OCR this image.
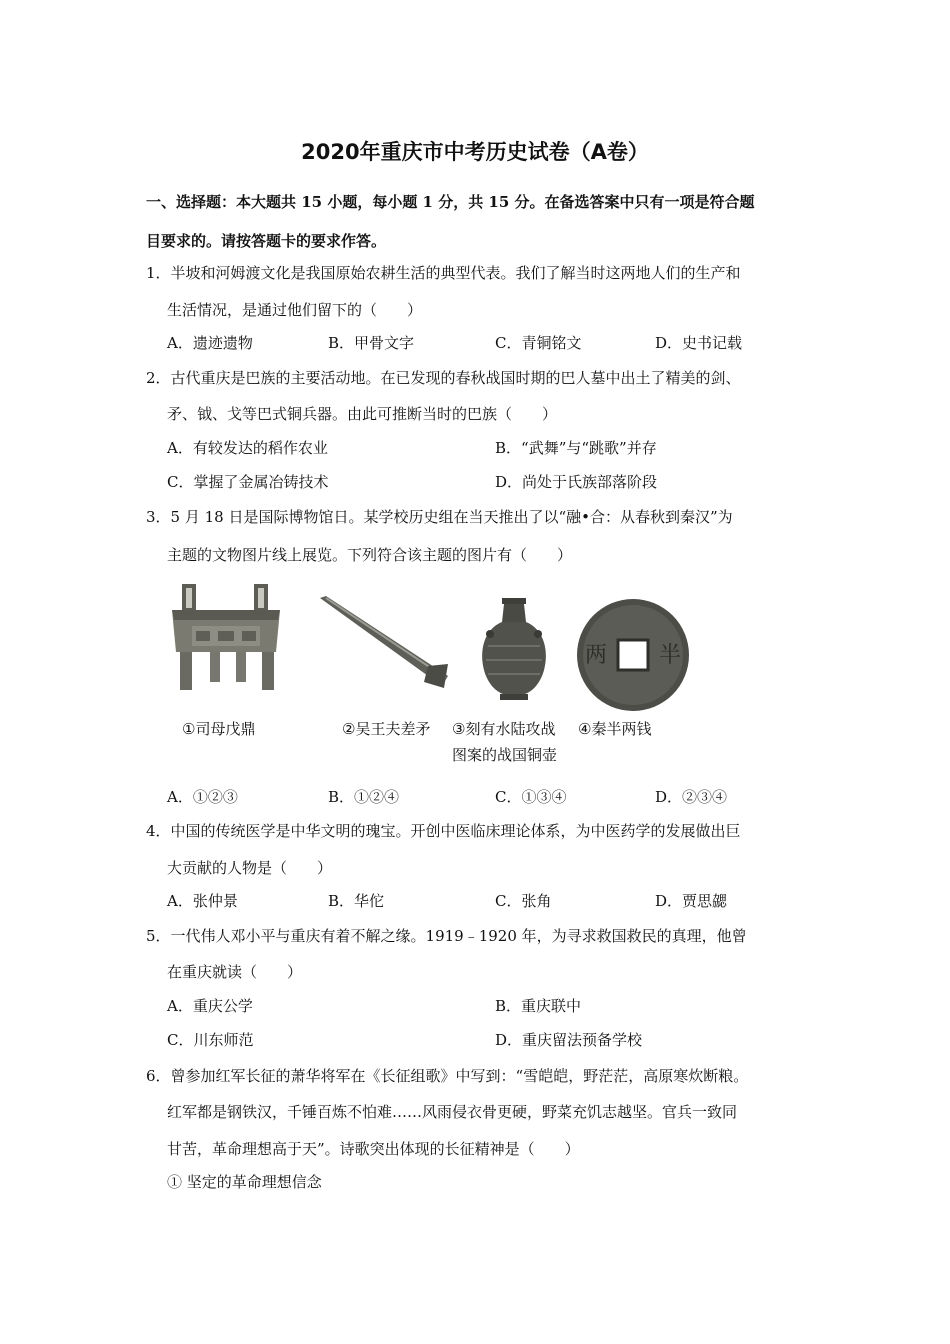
2020年重庆市中考历史试卷（A卷）
一、选择题：本大题共 15 小题，每小题 1 分，共 15 分。在备选答案中只有一项是符合题
目要求的。请按答题卡的要求作答。
1．半坡和河姆渡文化是我国原始农耕生活的典型代表。我们了解当时这两地人们的生产和
生活情况，是通过他们留下的（　　）
A．遗迹遗物	B．甲骨文字	C．青铜铭文	D．史书记载
2．古代重庆是巴族的主要活动地。在已发现的春秋战国时期的巴人墓中出土了精美的剑、
矛、钺、戈等巴式铜兵器。由此可推断当时的巴族（　　）
A．有较发达的稻作农业	B．“武舞”与“跳歌”并存
C．掌握了金属冶铸技术	D．尚处于氏族部落阶段
3．5 月 18 日是国际博物馆日。某学校历史组在当天推出了以“融•合：从春秋到秦汉”为
主题的文物图片线上展览。下列符合该主题的图片有（　　）
半
两
①司母戊鼎	②吴王夫差矛 ③刻有水陆攻战
图案的战国铜壶
④秦半两钱
A．①②③	B．①②④	C．①③④	D．②③④
4．中国的传统医学是中华文明的瑰宝。开创中医临床理论体系，为中医药学的发展做出巨
大贡献的人物是（　　）
A．张仲景	B．华佗	C．张角	D．贾思勰
5．一代伟人邓小平与重庆有着不解之缘。1919﹣1920 年，为寻求救国救民的真理，他曾
在重庆就读（　　）
A．重庆公学	B．重庆联中
C．川东师范	D．重庆留法预备学校
6．曾参加红军长征的萧华将军在《长征组歌》中写到：“雪皑皑，野茫茫，高原寒炊断粮。
红军都是钢铁汉，千锤百炼不怕难……风雨侵衣骨更硬，野菜充饥志越坚。官兵一致同
甘苦，革命理想高于天”。诗歌突出体现的长征精神是（　　）
① 坚定的革命理想信念
